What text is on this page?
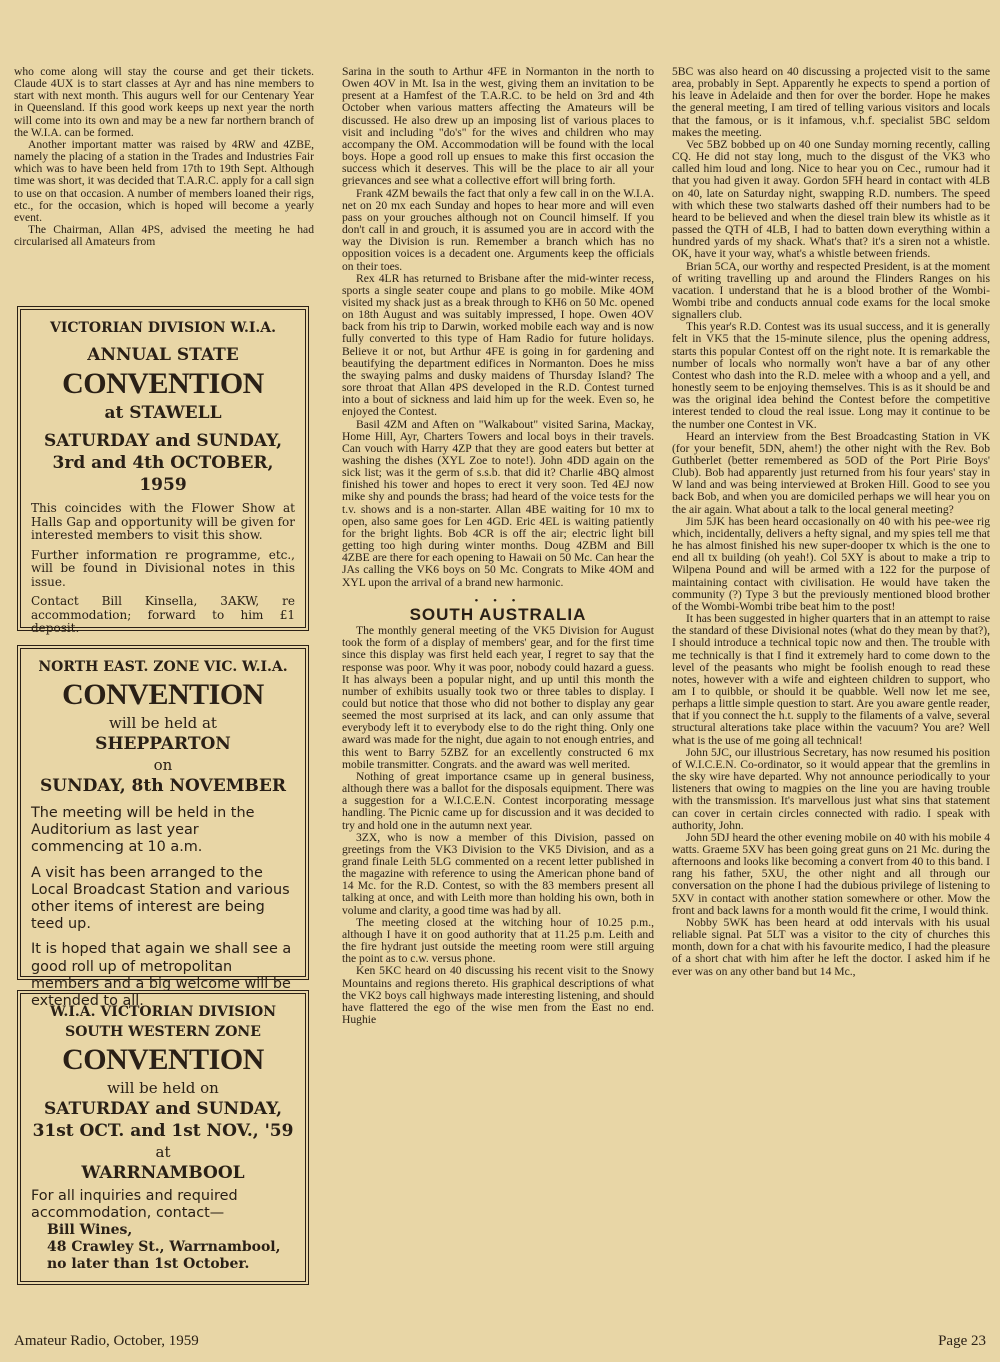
who come along will stay the course and get their tickets. Claude 4UX is to start classes at Ayr and has nine members to start with next month. This augurs well for our Centenary Year in Queensland. If this good work keeps up next year the north will come into its own and may be a new far northern branch of the W.I.A. can be formed.

Another important matter was raised by 4RW and 4ZBE, namely the placing of a station in the Trades and Industries Fair which was to have been held from 17th to 19th Sept. Although time was short, it was decided that T.A.R.C. apply for a call sign to use on that occasion. A number of members loaned their rigs, etc., for the occasion, which is hoped will become a yearly event.

The Chairman, Allan 4PS, advised the meeting he had circularised all Amateurs from

VICTORIAN DIVISION W.I.A.
ANNUAL STATE
CONVENTION
at STAWELL
SATURDAY and SUNDAY,
3rd and 4th OCTOBER, 1959
This coincides with the Flower Show at Halls Gap and opportunity will be given for interested members to visit this show.
Further information re programme, etc., will be found in Divisional notes in this issue.
Contact Bill Kinsella, 3AKW, re accommodation; forward to him £1 deposit.
NORTH EAST. ZONE VIC. W.I.A.
CONVENTION
will be held at
SHEPPARTON
on
SUNDAY, 8th NOVEMBER
The meeting will be held in the Auditorium as last year commencing at 10 a.m.
A visit has been arranged to the Local Broadcast Station and various other items of interest are being teed up.
It is hoped that again we shall see a good roll up of metropolitan members and a big welcome will be extended to all.
W.I.A. VICTORIAN DIVISION
SOUTH WESTERN ZONE
CONVENTION
will be held on
SATURDAY and SUNDAY,
31st OCT. and 1st NOV., '59
at
WARRNAMBOOL
For all inquiries and required accommodation, contact—
Bill Wines,
48 Crawley St., Warrnambool,
no later than 1st October.

Sarina in the south to Arthur 4FE in Normanton in the north to Owen 4OV in Mt. Isa in the west, giving them an invitation to be present at a Hamfest of the T.A.R.C. to be held on 3rd and 4th October when various matters affecting the Amateurs will be discussed. He also drew up an imposing list of various places to visit and including "do's" for the wives and children who may accompany the OM. Accommodation will be found with the local boys. Hope a good roll up ensues to make this first occasion the success which it deserves. This will be the place to air all your grievances and see what a collective effort will bring forth.

Frank 4ZM bewails the fact that only a few call in on the W.I.A. net on 20 mx each Sunday and hopes to hear more and will even pass on your grouches although not on Council himself. If you don't call in and grouch, it is assumed you are in accord with the way the Division is run. Remember a branch which has no opposition voices is a decadent one. Arguments keep the officials on their toes.

Rex 4LR has returned to Brisbane after the mid-winter recess, sports a single seater coupe and plans to go mobile. Mike 4OM visited my shack just as a break through to KH6 on 50 Mc. opened on 18th August and was suitably impressed, I hope. Owen 4OV back from his trip to Darwin, worked mobile each way and is now fully converted to this type of Ham Radio for future holidays. Believe it or not, but Arthur 4FE is going in for gardening and beautifying the department edifices in Normanton. Does he miss the swaying palms and dusky maidens of Thursday Island? The sore throat that Allan 4PS developed in the R.D. Contest turned into a bout of sickness and laid him up for the week. Even so, he enjoyed the Contest.

Basil 4ZM and Aften on "Walkabout" visited Sarina, Mackay, Home Hill, Ayr, Charters Towers and local boys in their travels. Can vouch with Harry 4ZP that they are good eaters but better at washing the dishes (XYL Zoe to note!). John 4DD again on the sick list; was it the germ of s.s.b. that did it? Charlie 4BQ almost finished his tower and hopes to erect it very soon. Ted 4EJ now mike shy and pounds the brass; had heard of the voice tests for the t.v. shows and is a non-starter. Allan 4BE waiting for 10 mx to open, also same goes for Len 4GD. Eric 4EL is waiting patiently for the bright lights. Bob 4CR is off the air; electric light bill getting too high during winter months. Doug 4ZBM and Bill 4ZBE are there for each opening to Hawaii on 50 Mc. Can hear the JAs calling the VK6 boys on 50 Mc. Congrats to Mike 4OM and XYL upon the arrival of a brand new harmonic.

• • •
SOUTH AUSTRALIA

The monthly general meeting of the VK5 Division for August took the form of a display of members' gear, and for the first time since this display was first held each year, I regret to say that the response was poor. Why it was poor, nobody could hazard a guess. It has always been a popular night, and up until this month the number of exhibits usually took two or three tables to display. I could but notice that those who did not bother to display any gear seemed the most surprised at its lack, and can only assume that everybody left it to everybody else to do the right thing. Only one award was made for the night, due again to not enough entries, and this went to Barry 5ZBZ for an excellently constructed 6 mx mobile transmitter. Congrats. and the award was well merited.

Nothing of great importance csame up in general business, although there was a ballot for the disposals equipment. There was a suggestion for a W.I.C.E.N. Contest incorporating message handling. The Picnic came up for discussion and it was decided to try and hold one in the autumn next year.

3ZX, who is now a member of this Division, passed on greetings from the VK3 Division to the VK5 Division, and as a grand finale Leith 5LG commented on a recent letter published in the magazine with reference to using the American phone band of 14 Mc. for the R.D. Contest, so with the 83 members present all talking at once, and with Leith more than holding his own, both in volume and clarity, a good time was had by all.

The meeting closed at the witching hour of 10.25 p.m., although I have it on good authority that at 11.25 p.m. Leith and the fire hydrant just outside the meeting room were still arguing the point as to c.w. versus phone.

Ken 5KC heard on 40 discussing his recent visit to the Snowy Mountains and regions thereto. His graphical descriptions of what the VK2 boys call highways made interesting listening, and should have flattered the ego of the wise men from the East no end. Hughie

5BC was also heard on 40 discussing a projected visit to the same area, probably in Sept. Apparently he expects to spend a portion of his leave in Adelaide and then for over the border. Hope he makes the general meeting, I am tired of telling various visitors and locals that the famous, or is it infamous, v.h.f. specialist 5BC seldom makes the meeting.

Vec 5BZ bobbed up on 40 one Sunday morning recently, calling CQ. He did not stay long, much to the disgust of the VK3 who called him loud and long. Nice to hear you on Cec., rumour had it that you had given it away. Gordon 5FH heard in contact with 4LB on 40, late on Saturday night, swapping R.D. numbers. The speed with which these two stalwarts dashed off their numbers had to be heard to be believed and when the diesel train blew its whistle as it passed the QTH of 4LB, I had to batten down everything within a hundred yards of my shack. What's that? it's a siren not a whistle. OK, have it your way, what's a whistle between friends.

Brian 5CA, our worthy and respected President, is at the moment of writing travelling up and around the Flinders Ranges on his vacation. I understand that he is a blood brother of the Wombi-Wombi tribe and conducts annual code exams for the local smoke signallers club.

This year's R.D. Contest was its usual success, and it is generally felt in VK5 that the 15-minute silence, plus the opening address, starts this popular Contest off on the right note. It is remarkable the number of locals who normally won't have a bar of any other Contest who dash into the R.D. melee with a whoop and a yell, and honestly seem to be enjoying themselves. This is as it should be and was the original idea behind the Contest before the competitive interest tended to cloud the real issue. Long may it continue to be the number one Contest in VK.

Heard an interview from the Best Broadcasting Station in VK (for your benefit, 5DN, ahem!) the other night with the Rev. Bob Guthberlet (better remembered as 5OD of the Port Pirie Boys' Club). Bob had apparently just returned from his four years' stay in W land and was being interviewed at Broken Hill. Good to see you back Bob, and when you are domiciled perhaps we will hear you on the air again. What about a talk to the local general meeting?

Jim 5JK has been heard occasionally on 40 with his pee-wee rig which, incidentally, delivers a hefty signal, and my spies tell me that he has almost finished his new super-dooper tx which is the one to end all tx building (oh yeah!). Col 5XY is about to make a trip to Wilpena Pound and will be armed with a 122 for the purpose of maintaining contact with civilisation. He would have taken the community (?) Type 3 but the previously mentioned blood brother of the Wombi-Wombi tribe beat him to the post!

It has been suggested in higher quarters that in an attempt to raise the standard of these Divisional notes (what do they mean by that?), I should introduce a technical topic now and then. The trouble with me technically is that I find it extremely hard to come down to the level of the peasants who might be foolish enough to read these notes, however with a wife and eighteen children to support, who am I to quibble, or should it be quabble. Well now let me see, perhaps a little simple question to start. Are you aware gentle reader, that if you connect the h.t. supply to the filaments of a valve, several structural alterations take place within the vacuum? You are? Well what is the use of me going all technical!

John 5JC, our illustrious Secretary, has now resumed his position of W.I.C.E.N. Co-ordinator, so it would appear that the gremlins in the sky wire have departed. Why not announce periodically to your listeners that owing to magpies on the line you are having trouble with the transmission. It's marvellous just what sins that statement can cover in certain circles connected with radio. I speak with authority, John.

John 5DJ heard the other evening mobile on 40 with his mobile 4 watts. Graeme 5XV has been going great guns on 21 Mc. during the afternoons and looks like becoming a convert from 40 to this band. I rang his father, 5XU, the other night and all through our conversation on the phone I had the dubious privilege of listening to 5XV in contact with another station somewhere or other. Mow the front and back lawns for a month would fit the crime, I would think.

Nobby 5WK has been heard at odd intervals with his usual reliable signal. Pat 5LT was a visitor to the city of churches this month, down for a chat with his favourite medico, I had the pleasure of a short chat with him after he left the doctor. I asked him if he ever was on any other band but 14 Mc.,

Amateur Radio, October, 1959	Page 23
